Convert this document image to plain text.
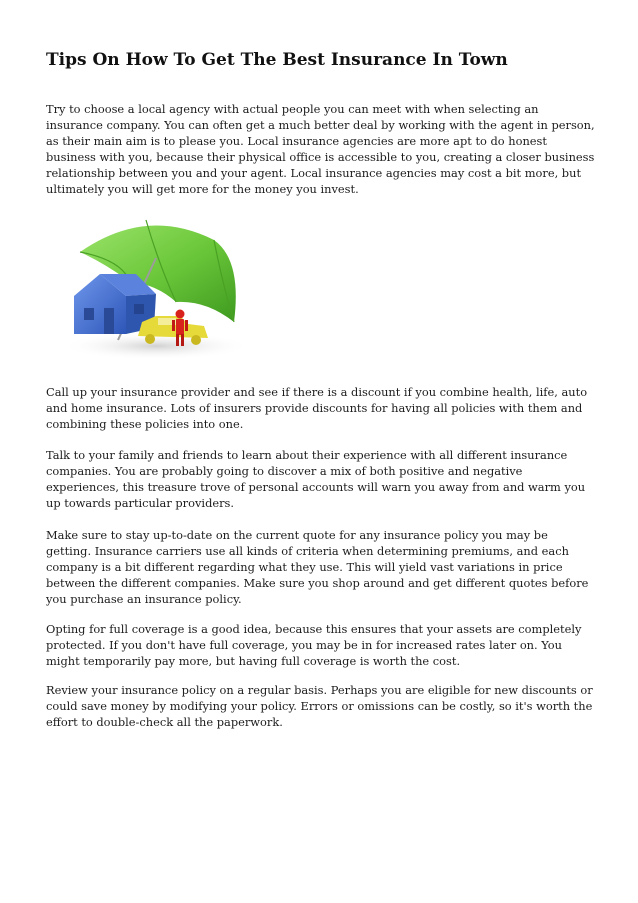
Tips On How To Get The Best Insurance In Town

Try to choose a local agency with actual people you can meet with when selecting an insurance company. You can often get a much better deal by working with the agent in person, as their main aim is to please you. Local insurance agencies are more apt to do honest business with you, because their physical office is accessible to you, creating a closer business relationship between you and your agent. Local insurance agencies may cost a bit more, but ultimately you will get more for the money you invest.

Call up your insurance provider and see if there is a discount if you combine health, life, auto and home insurance. Lots of insurers provide discounts for having all policies with them and combining these policies into one.

Talk to your family and friends to learn about their experience with all different insurance companies. You are probably going to discover a mix of both positive and negative experiences, this treasure trove of personal accounts will warn you away from and warm you up towards particular providers.

Make sure to stay up-to-date on the current quote for any insurance policy you may be getting. Insurance carriers use all kinds of criteria when determining premiums, and each company is a bit different regarding what they use. This will yield vast variations in price between the different companies. Make sure you shop around and get different quotes before you purchase an insurance policy.

Opting for full coverage is a good idea, because this ensures that your assets are completely protected. If you don't have full coverage, you may be in for increased rates later on. You might temporarily pay more, but having full coverage is worth the cost.

Review your insurance policy on a regular basis. Perhaps you are eligible for new discounts or could save money by modifying your policy. Errors or omissions can be costly, so it's worth the effort to double-check all the paperwork.
